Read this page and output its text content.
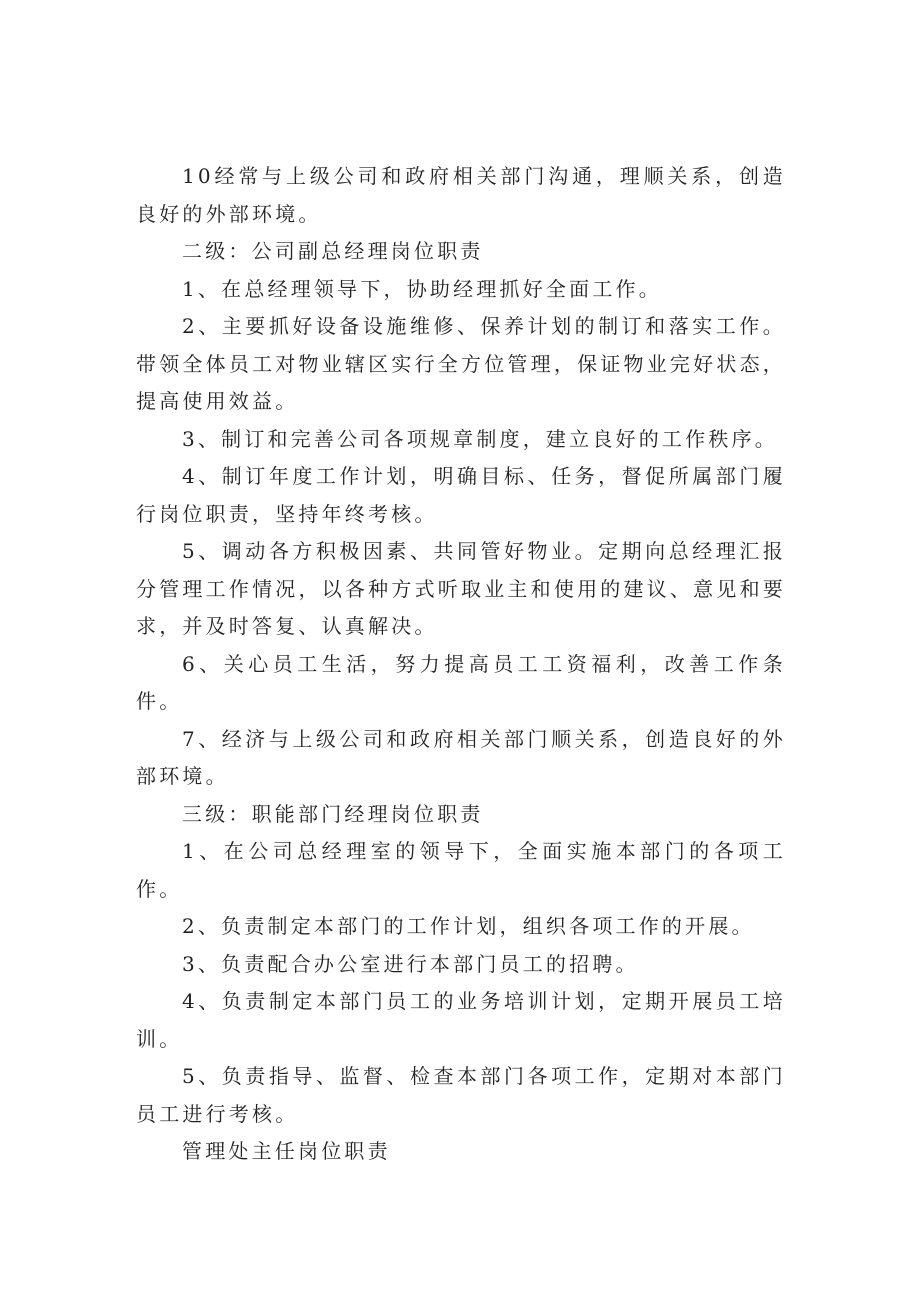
10经常与上级公司和政府相关部门沟通，理顺关系，创造良好的外部环境。

二级：公司副总经理岗位职责

1、在总经理领导下，协助经理抓好全面工作。

2、主要抓好设备设施维修、保养计划的制订和落实工作。带领全体员工对物业辖区实行全方位管理，保证物业完好状态，提高使用效益。

3、制订和完善公司各项规章制度，建立良好的工作秩序。

4、制订年度工作计划，明确目标、任务，督促所属部门履行岗位职责，坚持年终考核。

5、调动各方积极因素、共同管好物业。定期向总经理汇报分管理工作情况，以各种方式听取业主和使用的建议、意见和要求，并及时答复、认真解决。

6、关心员工生活，努力提高员工工资福利，改善工作条件。

7、经济与上级公司和政府相关部门顺关系，创造良好的外部环境。

三级：职能部门经理岗位职责

1、在公司总经理室的领导下，全面实施本部门的各项工作。

2、负责制定本部门的工作计划，组织各项工作的开展。

3、负责配合办公室进行本部门员工的招聘。

4、负责制定本部门员工的业务培训计划，定期开展员工培训。

5、负责指导、监督、检查本部门各项工作，定期对本部门员工进行考核。

管理处主任岗位职责
